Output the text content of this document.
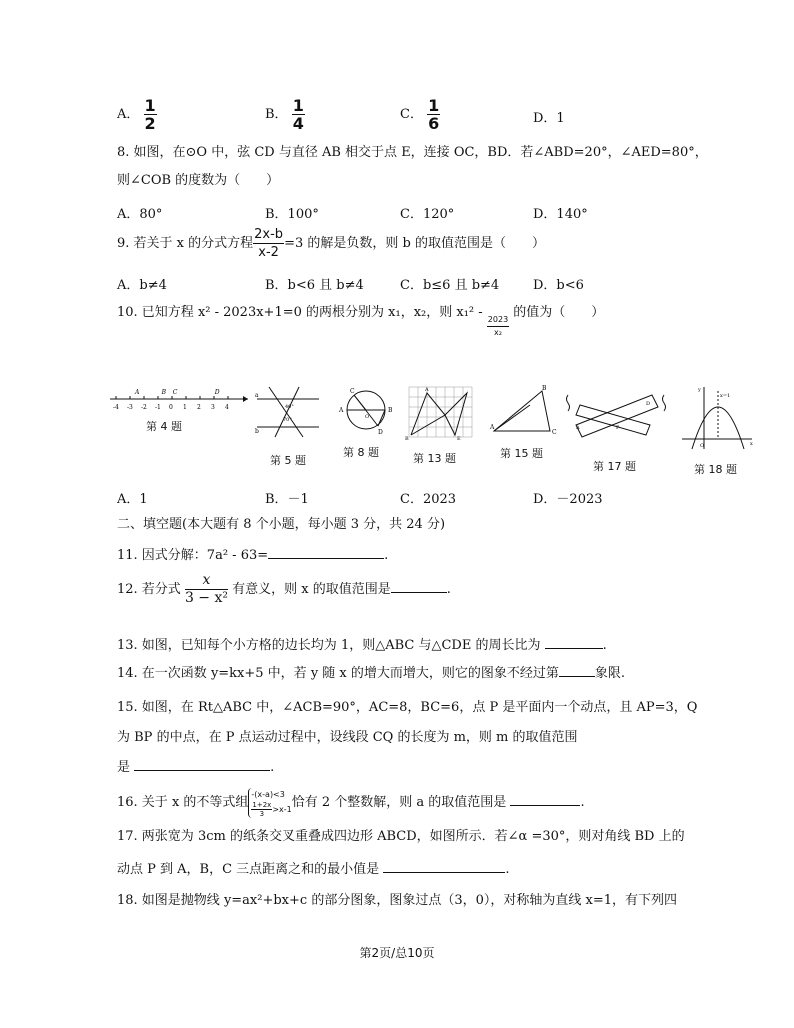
A． $\frac{1}{2}$	B． $\frac{1}{4}$	C． $\frac{1}{6}$	D．1
8. 如图，在⊙O 中，弦 CD 与直径 AB 相交于点 E，连接 OC，BD．若∠ABD=20°，∠AED=80°，
则∠COB 的度数为（　　）
A．80°	B．100°	C．120°	D．140°
9. 若关于 x 的分式方程 $\frac{2x-b}{x-2} =3$ 的解是负数，则 b 的取值范围是（　　）
A．b≠4	B．b<6 且 b≠4	C．b≤6 且 b≠4	D．b<6
10. 已知方程 x² - 2023x+1=0 的两根分别为 x₁，x₂，则 x₁² -
$\frac{2023}{\text{x₂}}$
的值为（　　）
-4 -3 -2 -1 0 1 2 3 4
A	B C	D
第 4 题
a
b
40°
70°
第 5 题
A	B
C
D
O
第 8 题
B
A
E
第 13 题
B
A
C
第 15 题
A	P
D
第 17 题
O	x
y
x=1
第 18 题
A．1	B．－1	C．2023	D．－2023
二、填空题(本大题有 8 个小题，每小题 3 分，共 24 分)
11. 因式分解：7a² - 63=	.
12. 若分式 $\frac{x}{\text{3 − x²}}$ 有意义，则 x 的取值范围是	.
13. 如图，已知每个小方格的边长均为 1，则△ABC 与△CDE 的周长比为	.
14. 在一次函数 y=kx+5 中，若 y 随 x 的增大而增大，则它的图象不经过第	象限.
15. 如图，在 Rt△ABC 中，∠ACB=90°，AC=8，BC=6，点 P 是平面内一个动点，且 AP=3，Q
为 BP 的中点，在 P 点运动过程中，设线段 CQ 的长度为 m，则 m 的取值范围
是	.
16. 关于 x 的不等式组
-(x-a)<3
$\frac{1+2x}{3} >x-1$ 恰有 2 个整数解，则 a 的取值范围是	.
17. 两张宽为 3cm 的纸条交叉重叠成四边形 ABCD，如图所示．若∠α =30°，则对角线 BD 上的
动点 P 到 A，B，C 三点距离之和的最小值是	.
18. 如图是抛物线 y=ax²+bx+c 的部分图象，图象过点（3，0），对称轴为直线 x=1，有下列四
第2页/总10页
